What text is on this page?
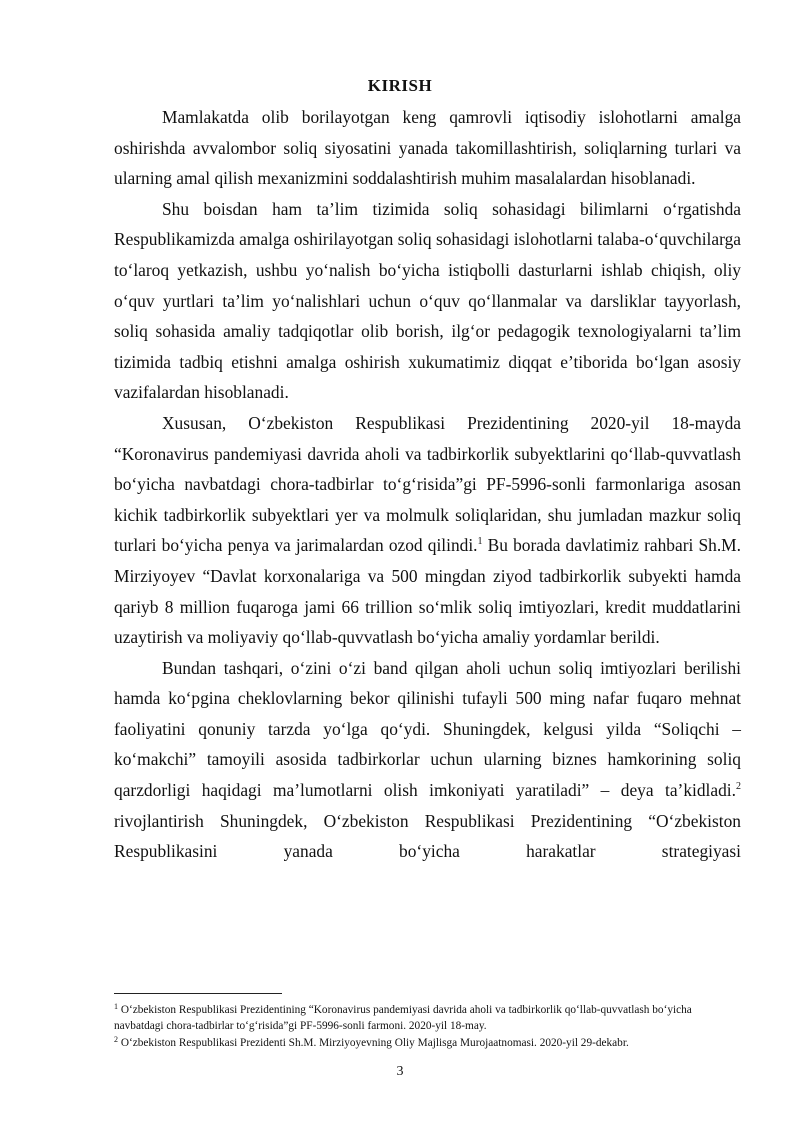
KIRISH

Mamlakatda olib borilayotgan keng qamrovli iqtisodiy islohotlarni amalga oshirishda avvalombor soliq siyosatini yanada takomillashtirish, soliqlarning turlari va ularning amal qilish mexanizmini soddalashtirish muhim masalalardan hisoblanadi.

Shu boisdan ham ta’lim tizimida soliq sohasidagi bilimlarni o‘rgatishda Respublikamizda amalga oshirilayotgan soliq sohasidagi islohotlarni talaba-o‘quvchilarga to‘laroq yetkazish, ushbu yo‘nalish bo‘yicha istiqbolli dasturlarni ishlab chiqish, oliy o‘quv yurtlari ta’lim yo‘nalishlari uchun o‘quv qo‘llanmalar va darsliklar tayyorlash, soliq sohasida amaliy tadqiqotlar olib borish, ilg‘or pedagogik texnologiyalarni ta’lim tizimida tadbiq etishni amalga oshirish xukumatimiz diqqat e’tiborida bo‘lgan asosiy vazifalardan hisoblanadi.

Xususan, O‘zbekiston Respublikasi Prezidentining 2020-yil 18-mayda “Koronavirus pandemiyasi davrida aholi va tadbirkorlik subyektlarini qo‘llab-quvvatlash bo‘yicha navbatdagi chora-tadbirlar to‘g‘risida”gi PF-5996-sonli farmonlariga asosan kichik tadbirkorlik subyektlari yer va molmulk soliqlaridan, shu jumladan mazkur soliq turlari bo‘yicha penya va jarimalardan ozod qilindi.$^1$ Bu borada davlatimiz rahbari Sh.M. Mirziyoyev “Davlat korxonalariga va 500 mingdan ziyod tadbirkorlik subyekti hamda qariyb 8 million fuqaroga jami 66 trillion so‘mlik soliq imtiyozlari, kredit muddatlarini uzaytirish va moliyaviy qo‘llab-quvvatlash bo‘yicha amaliy yordamlar berildi.

Bundan tashqari, o‘zini o‘zi band qilgan aholi uchun soliq imtiyozlari berilishi hamda ko‘pgina cheklovlarning bekor qilinishi tufayli 500 ming nafar fuqaro mehnat faoliyatini qonuniy tarzda yo‘lga qo‘ydi. Shuningdek, kelgusi yilda “Soliqchi – ko‘makchi” tamoyili asosida tadbirkorlar uchun ularning biznes hamkorining soliq qarzdorligi haqidagi ma’lumotlarni olish imkoniyati yaratiladi” – deya ta’kidladi.$^2$ rivojlantirish Shuningdek, O‘zbekiston Respublikasi Prezidentining “O‘zbekiston Respublikasini yanada bo‘yicha harakatlar strategiyasi

$^1$ O‘zbekiston Respublikasi Prezidentining “Koronavirus pandemiyasi davrida aholi va tadbirkorlik qo‘llab-quvvatlash bo‘yicha navbatdagi chora-tadbirlar to‘g‘risida”gi PF-5996-sonli farmoni. 2020-yil 18-may.
$^2$ O‘zbekiston Respublikasi Prezidenti Sh.M. Mirziyoyevning Oliy Majlisga Murojaatnomasi. 2020-yil 29-dekabr.
3
